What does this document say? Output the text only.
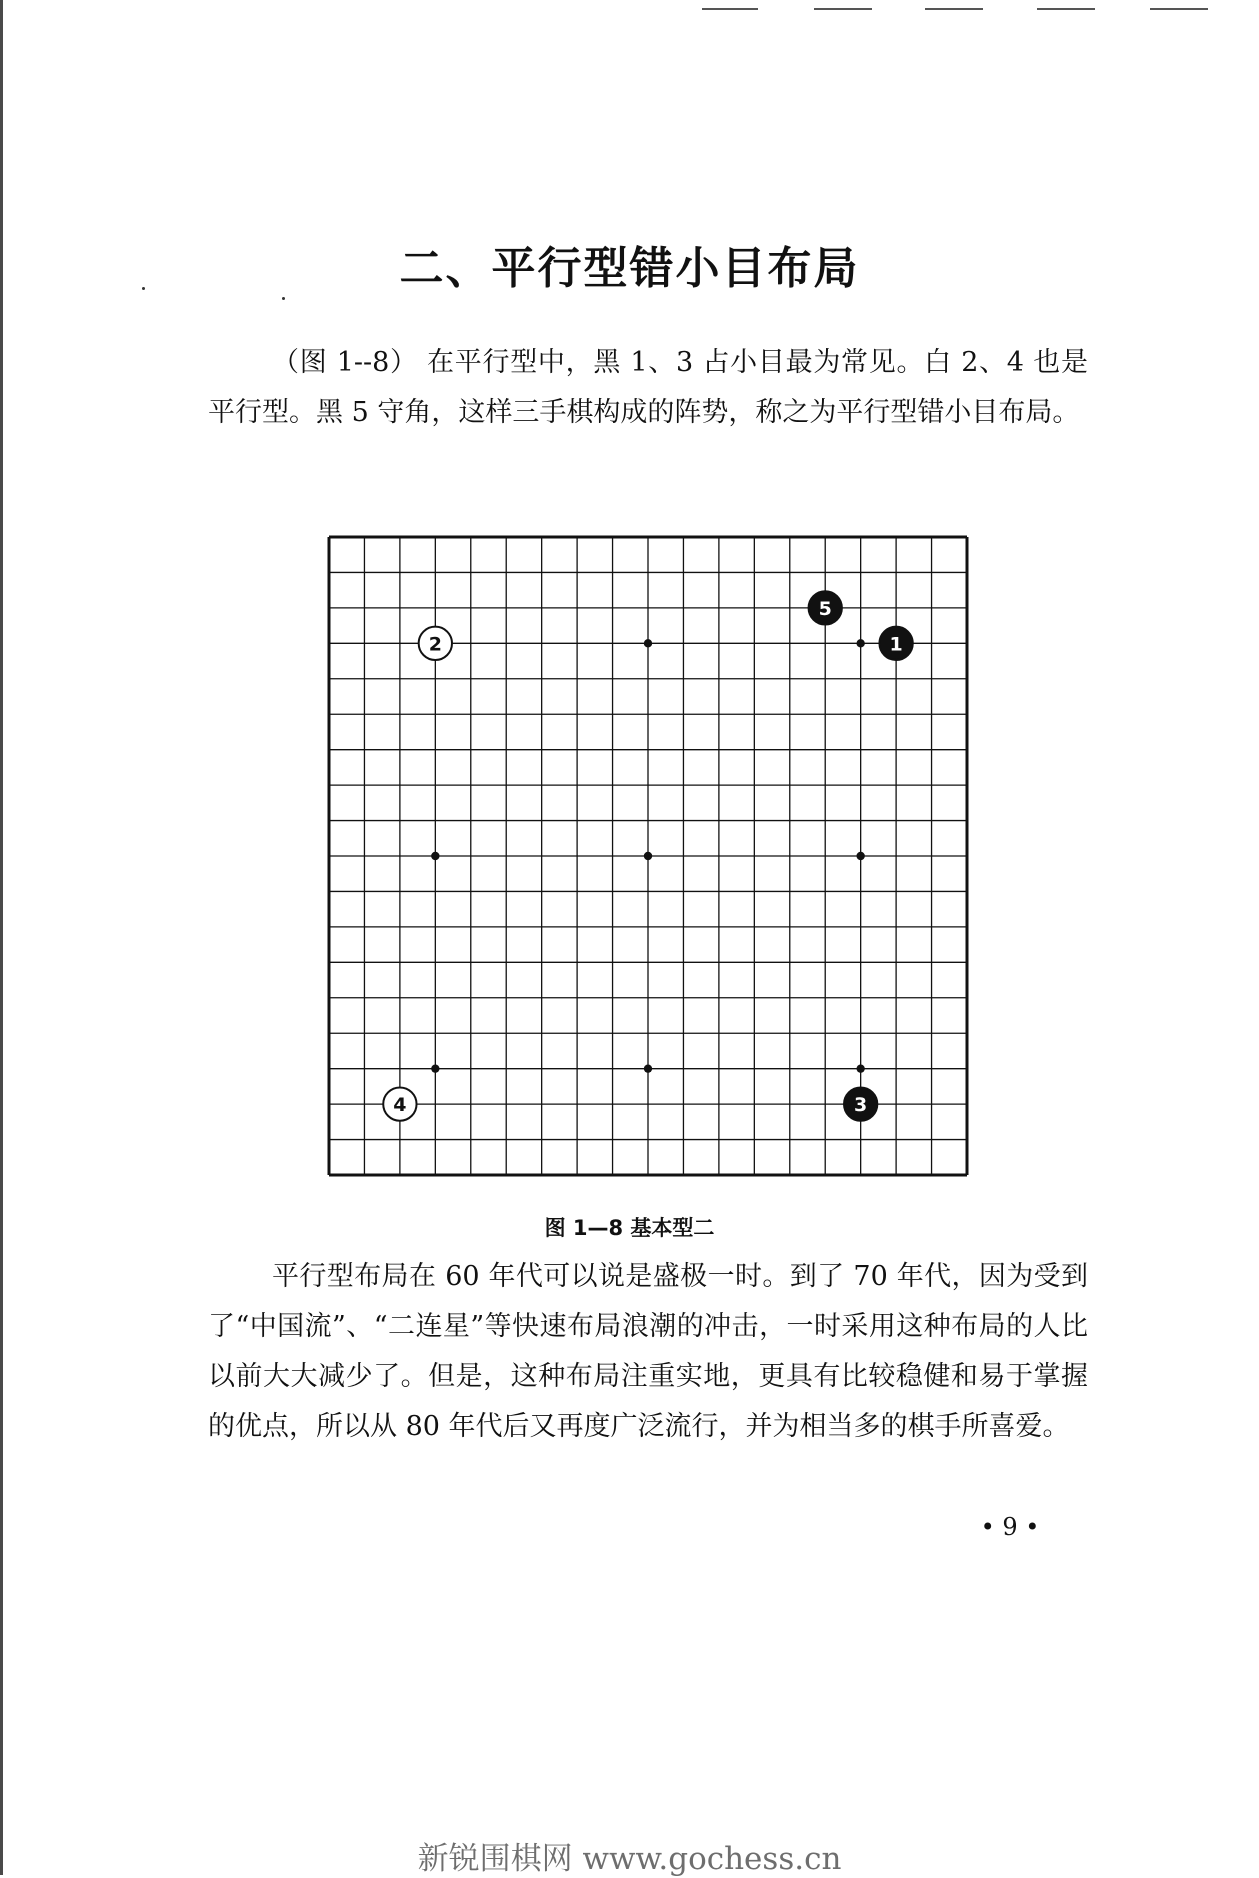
二、平行型错小目布局
（图 1--8） 在平行型中，黑 1、3 占小目最为常见。白 2、4 也是平行型。黑 5 守角，这样三手棋构成的阵势，称之为平行型错小目布局。
1
2
3
4
5
图 1—8 基本型二
平行型布局在 60 年代可以说是盛极一时。到了 70 年代，因为受到了“中国流”、“二连星”等快速布局浪潮的冲击，一时采用这种布局的人比以前大大减少了。但是，这种布局注重实地，更具有比较稳健和易于掌握的优点，所以从 80 年代后又再度广泛流行，并为相当多的棋手所喜爱。
• 9 •
新锐围棋网 www.gochess.cn
